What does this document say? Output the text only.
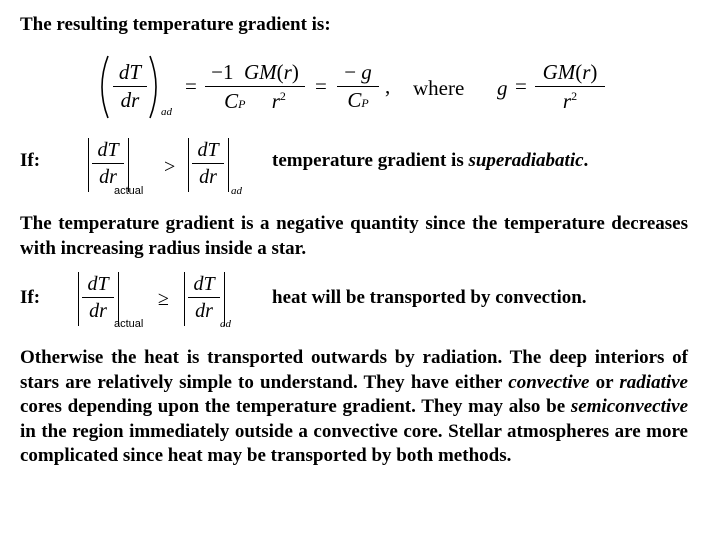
The resulting temperature gradient is:
dT
dr	ad
=
−1  GM(r)
CP $r^2$	=
− g
CP
, where g =
GM(r)
$r^2$
If:	dT
dr
actual
>
dT
dr
ad
temperature gradient is superadiabatic.
The temperature gradient is a negative quantity since the temperature decreases with increasing radius inside a star.
If:
dT
dr
actual
≥
dT
dr
ad
heat will be transported by convection.
Otherwise the heat is transported outwards by radiation. The deep interiors of stars are relatively simple to understand. They have either convective or radiative cores depending upon the temperature gradient. They may also be semiconvective in the region immediately outside a convective core. Stellar atmospheres are more complicated since heat may be transported by both methods.
